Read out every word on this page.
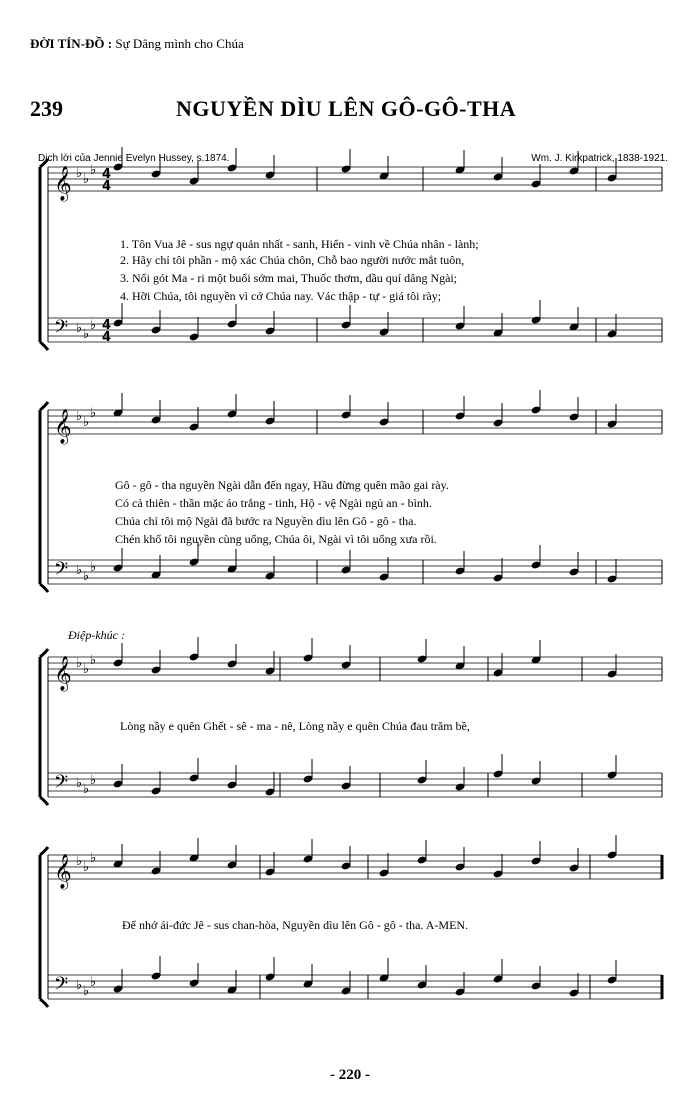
ĐỜI TÍN-ĐỒ : Sự Dâng mình cho Chúa
239	NGUYỀN DÌU LÊN GÔ-GÔ-THA
Dịch lời của Jennie Evelyn Hussey, s.1874.	Wm. J. Kirkpatrick, 1838-1921.
Điệp-khúc :
- 220 -
𝄞 ♭ ♭
♭
𝄢 ♭ ♭
♭
𝄞 ♭ ♭
♭
𝄢 ♭ ♭
♭
𝄞 ♭ ♭
♭
𝄢 ♭ ♭
♭
𝄞 ♭ ♭
♭
𝄢 ♭ ♭
♭
4
4
4
4
1. Tôn Vua Jê - sus ngự quản nhất - sanh, Hiển - vinh về Chúa nhân - lành;
2. Hãy chỉ tôi phần - mộ xác Chúa chôn, Chỗ bao người nước mắt tuôn,
3. Nối gót Ma - ri một buổi sớm mai, Thuốc thơm, dầu quí dâng Ngài;
4. Hỡi Chúa, tôi nguyền vì cớ Chúa nay. Vác thập - tự - giá tôi rày;
Gô - gô - tha nguyền Ngài dẫn đến ngay, Hầu đừng quên mão gai rày.
Có cả thiên - thần mặc áo trắng - tinh, Hộ - vệ Ngài ngủ an - bình.
Chúa chỉ tôi mộ Ngài đã bước ra Nguyền dìu lên Gô - gô - tha.
Chén khổ tôi nguyền cùng uống, Chúa ôi, Ngài vì tôi uống xưa rồi.
Lòng nầy e quên Ghết - sê - ma - nê, Lòng nầy e quên Chúa đau trăm bề,
Để nhớ ái-đức Jê - sus chan-hòa, Nguyền dìu lên Gô - gô - tha. A-MEN.
